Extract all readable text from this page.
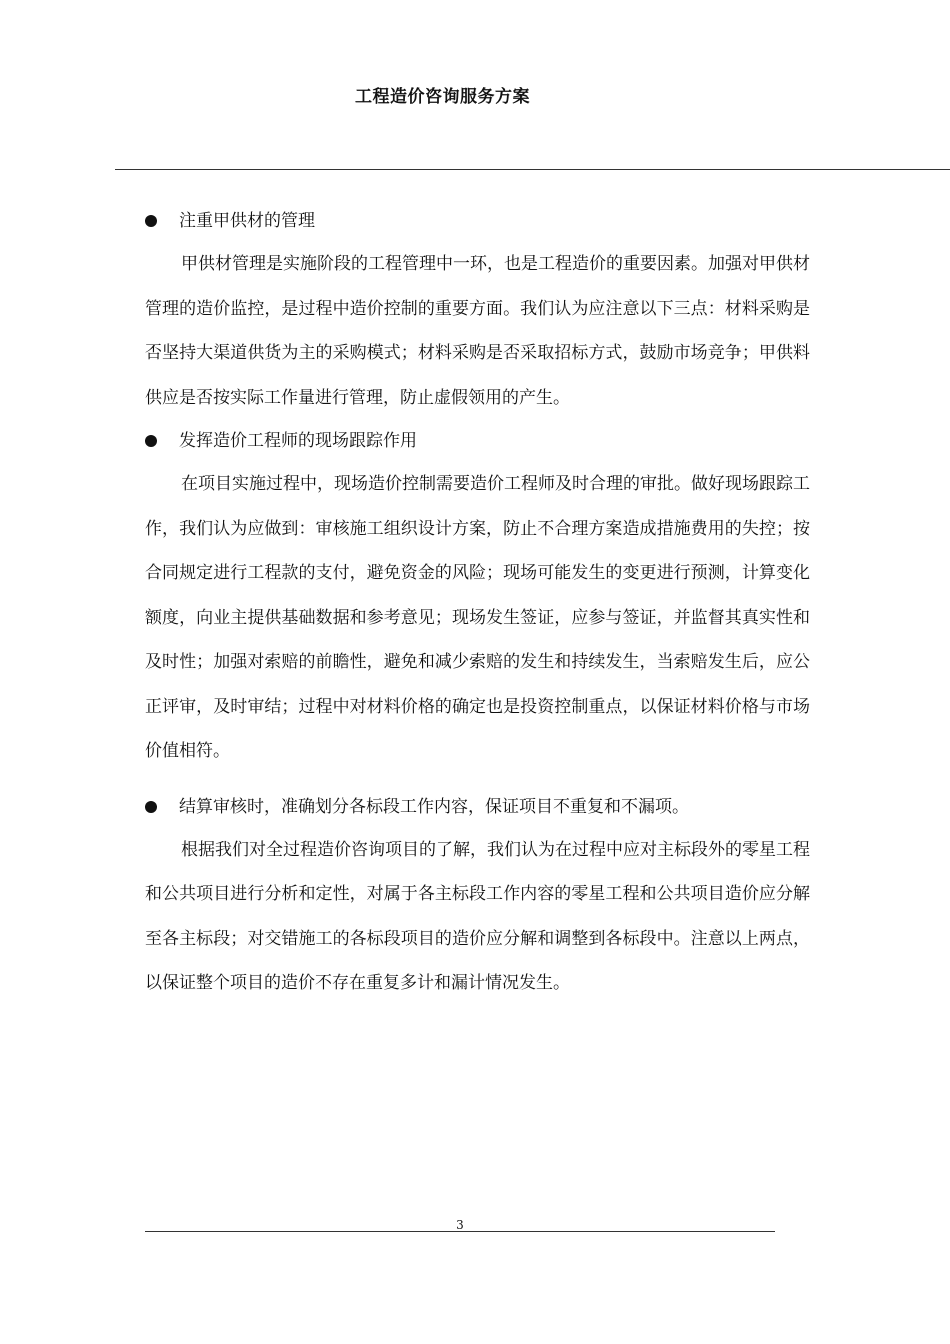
工程造价咨询服务方案
注重甲供材的管理

甲供材管理是实施阶段的工程管理中一环，也是工程造价的重要因素。加强对甲供材管理的造价监控，是过程中造价控制的重要方面。我们认为应注意以下三点：材料采购是否坚持大渠道供货为主的采购模式；材料采购是否采取招标方式，鼓励市场竞争；甲供料供应是否按实际工作量进行管理，防止虚假领用的产生。

发挥造价工程师的现场跟踪作用

在项目实施过程中，现场造价控制需要造价工程师及时合理的审批。做好现场跟踪工作，我们认为应做到：审核施工组织设计方案，防止不合理方案造成措施费用的失控；按合同规定进行工程款的支付，避免资金的风险；现场可能发生的变更进行预测，计算变化额度，向业主提供基础数据和参考意见；现场发生签证，应参与签证，并监督其真实性和及时性；加强对索赔的前瞻性，避免和减少索赔的发生和持续发生，当索赔发生后，应公正评审，及时审结；过程中对材料价格的确定也是投资控制重点，以保证材料价格与市场价值相符。

结算审核时，准确划分各标段工作内容，保证项目不重复和不漏项。

根据我们对全过程造价咨询项目的了解，我们认为在过程中应对主标段外的零星工程和公共项目进行分析和定性，对属于各主标段工作内容的零星工程和公共项目造价应分解至各主标段；对交错施工的各标段项目的造价应分解和调整到各标段中。注意以上两点，以保证整个项目的造价不存在重复多计和漏计情况发生。

3
